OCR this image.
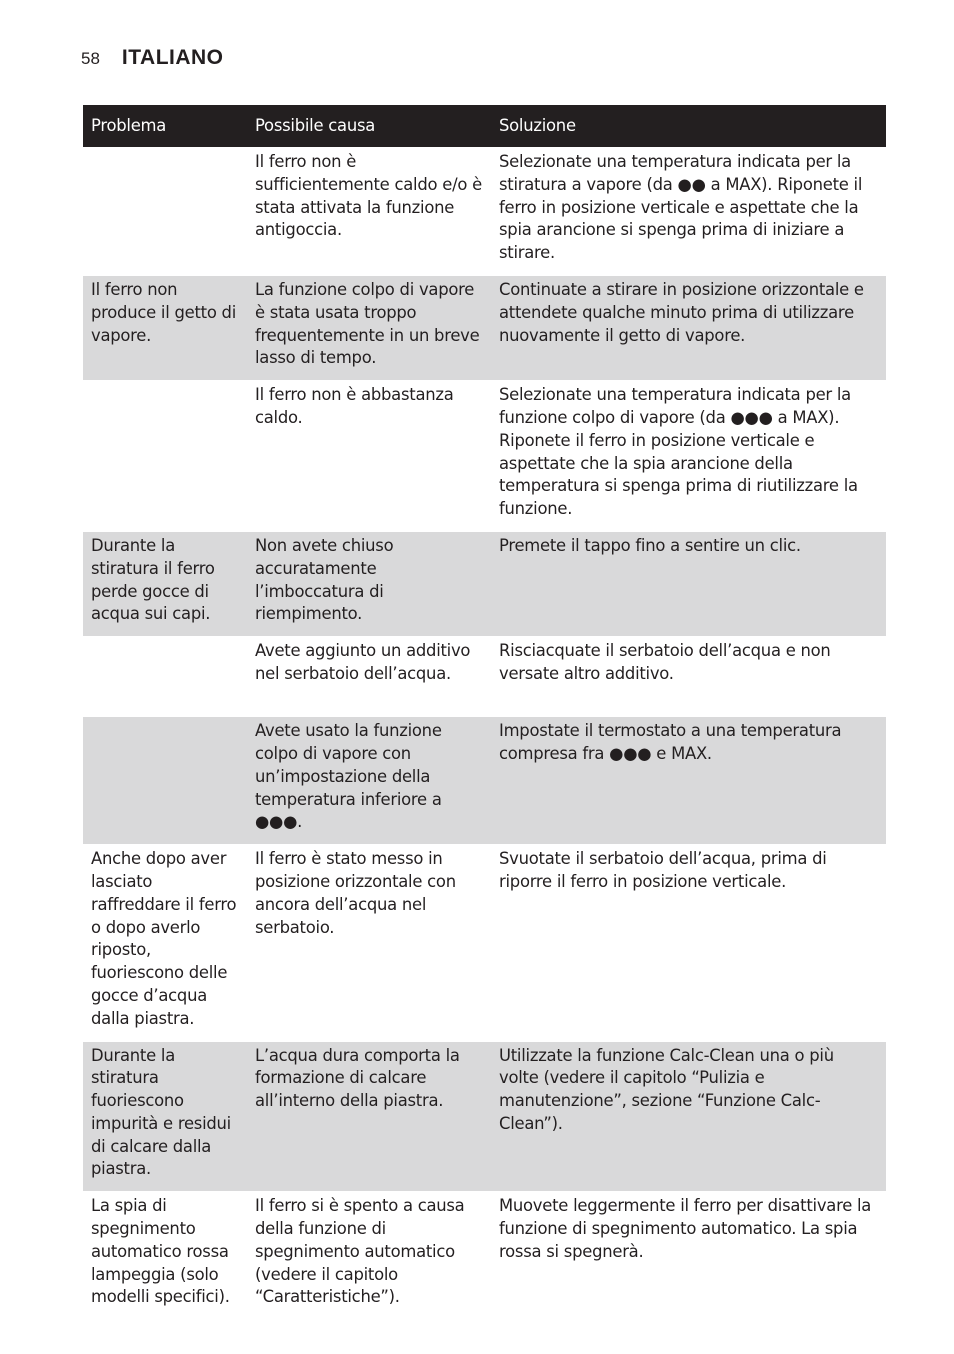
58 ITALIANO
Problema	Possibile causa	Soluzione
	Il ferro non è sufficientemente caldo e/o è stata attivata la funzione antigoccia.	Selezionate una temperatura indicata per la stiratura a vapore (da ●● a MAX). Riponete il ferro in posizione verticale e aspettate che la spia arancione si spenga prima di iniziare a stirare.
Il ferro non produce il getto di vapore.	La funzione colpo di vapore è stata usata troppo frequentemente in un breve lasso di tempo.	Continuate a stirare in posizione orizzontale e attendete qualche minuto prima di utilizzare nuovamente il getto di vapore.
	Il ferro non è abbastanza caldo.	Selezionate una temperatura indicata per la funzione colpo di vapore (da ●●● a MAX). Riponete il ferro in posizione verticale e aspettate che la spia arancione della temperatura si spenga prima di riutilizzare la funzione.
Durante la stiratura il ferro perde gocce di acqua sui capi.	Non avete chiuso accuratamente l’imboccatura di riempimento.	Premete il tappo fino a sentire un clic.
	Avete aggiunto un additivo nel serbatoio dell’acqua.	Risciacquate il serbatoio dell’acqua e non versate altro additivo.
	Avete usato la funzione colpo di vapore con un’impostazione della temperatura inferiore a ●●●.	Impostate il termostato a una temperatura compresa fra ●●● e MAX.
Anche dopo aver lasciato raffreddare il ferro o dopo averlo riposto, fuoriescono delle gocce d’acqua dalla piastra.	Il ferro è stato messo in posizione orizzontale con ancora dell’acqua nel serbatoio.	Svuotate il serbatoio dell’acqua, prima di riporre il ferro in posizione verticale.
Durante la stiratura fuoriescono impurità e residui di calcare dalla piastra.	L’acqua dura comporta la formazione di calcare all’interno della piastra.	Utilizzate la funzione Calc-Clean una o più volte (vedere il capitolo “Pulizia e manutenzione”, sezione “Funzione Calc-Clean”).
La spia di spegnimento automatico rossa lampeggia (solo modelli specifici).	Il ferro si è spento a causa della funzione di spegnimento automatico (vedere il capitolo “Caratteristiche”).	Muovete leggermente il ferro per disattivare la funzione di spegnimento automatico. La spia rossa si spegnerà.
